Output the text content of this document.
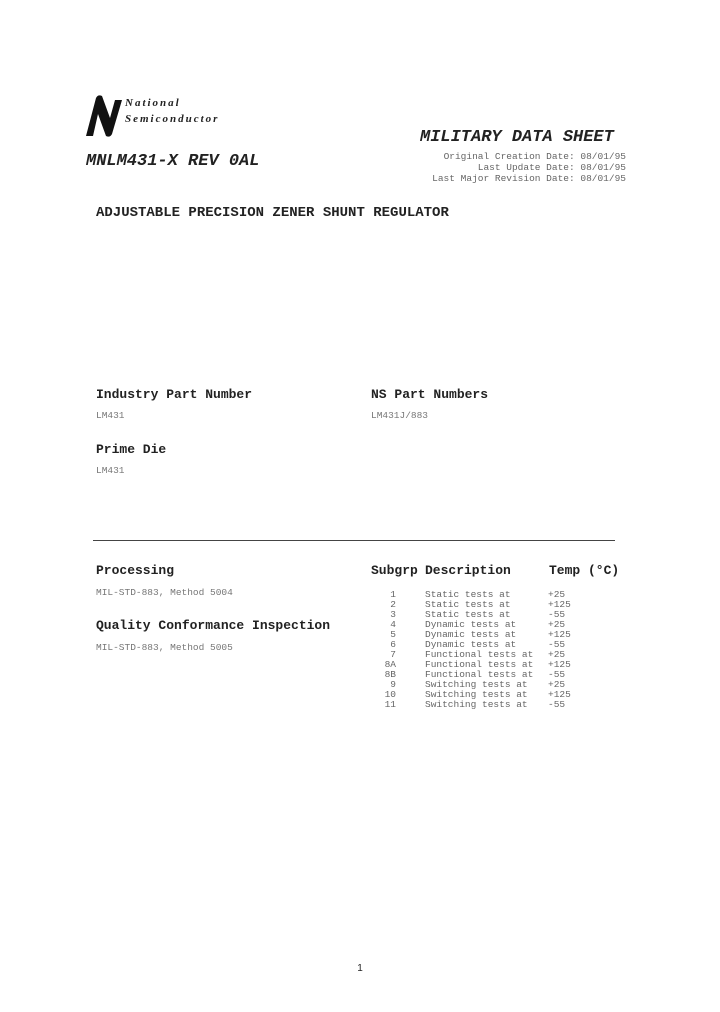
National
Semiconductor
MILITARY DATA SHEET
MNLM431-X REV 0AL	Original Creation Date: 08/01/95
Last Update Date: 08/01/95
Last Major Revision Date: 08/01/95
ADJUSTABLE PRECISION ZENER SHUNT REGULATOR
Industry Part Number
LM431
NS Part Numbers
LM431J/883
Prime Die
LM431
Processing
MIL-STD-883, Method 5004
Quality Conformance Inspection
MIL-STD-883, Method 5005
Subgrp Description	Temp (°C)
1	Static tests at	+25
2	Static tests at	+125
3	Static tests at	-55
4	Dynamic tests at	+25
5	Dynamic tests at	+125
6	Dynamic tests at	-55
7	Functional tests at +25
8A	Functional tests at +125
8B	Functional tests at -55
9	Switching tests at +25
10	Switching tests at +125
11	Switching tests at -55
1
